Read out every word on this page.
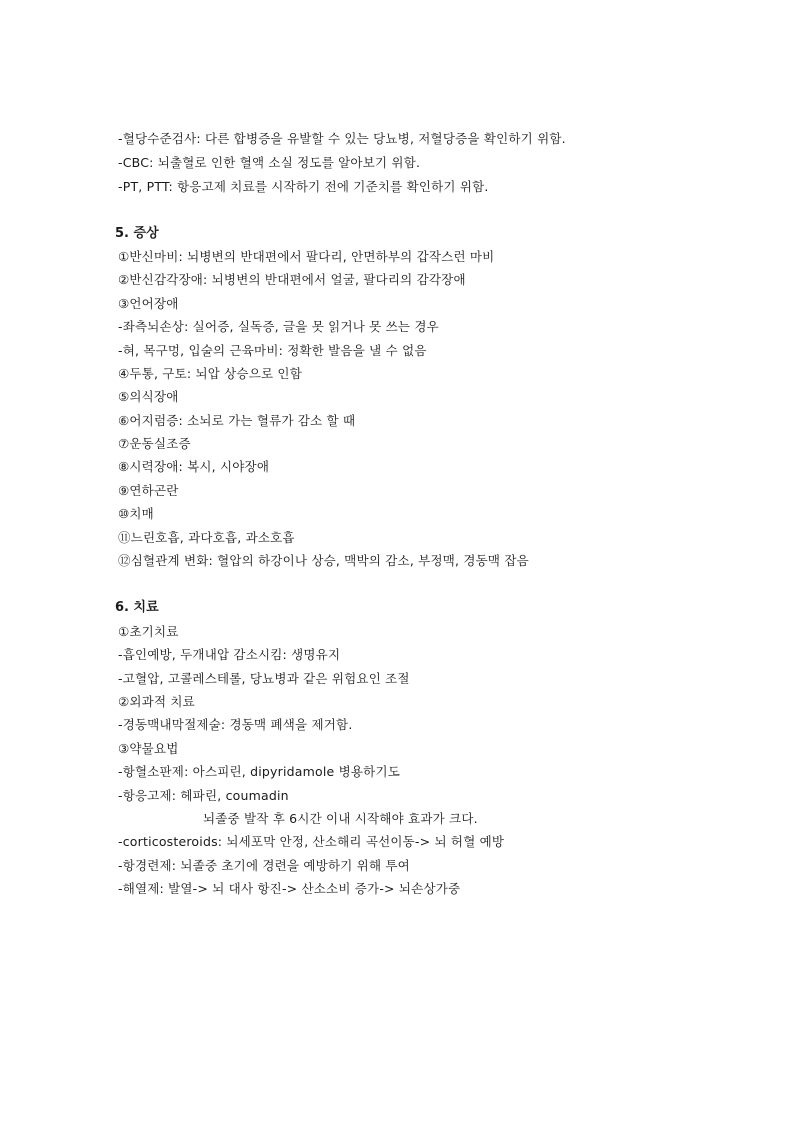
-혈당수준검사: 다른 합병증을 유발할 수 있는 당뇨병, 저혈당증을 확인하기 위함.
-CBC: 뇌출혈로 인한 혈액 소실 정도를 알아보기 위함.
-PT, PTT: 항응고제 치료를 시작하기 전에 기준치를 확인하기 위함.
5. 증상
①반신마비: 뇌병변의 반대편에서 팔다리, 안면하부의 갑작스런 마비
②반신감각장애: 뇌병변의 반대편에서 얼굴, 팔다리의 감각장애
③언어장애
-좌측뇌손상: 실어증, 실독증, 글을 못 읽거나 못 쓰는 경우
-혀, 목구멍, 입술의 근육마비: 정확한 발음을 낼 수 없음
④두통, 구토: 뇌압 상승으로 인함
⑤의식장애
⑥어지럼증: 소뇌로 가는 혈류가 감소 할 때
⑦운동실조증
⑧시력장애: 복시, 시야장애
⑨연하곤란
⑩치매
⑪느린호흡, 과다호흡, 과소호흡
⑫심혈관계 변화: 혈압의 하강이나 상승, 맥박의 감소, 부정맥, 경동맥 잡음
6. 치료
①초기치료
-흡인예방, 두개내압 감소시킴: 생명유지
-고혈압, 고콜레스테롤, 당뇨병과 같은 위험요인 조절
②외과적 치료
-경동맥내막절제술: 경동맥 폐색을 제거함.
③약물요법
-항혈소판제: 아스피린, dipyridamole 병용하기도
-항응고제: 헤파린, coumadin
뇌졸중 발작 후 6시간 이내 시작해야 효과가 크다.
-corticosteroids: 뇌세포막 안정, 산소해리 곡선이동-> 뇌 허혈 예방
-항경련제: 뇌졸중 초기에 경련을 예방하기 위해 투여
-해열제: 발열-> 뇌 대사 항진-> 산소소비 증가-> 뇌손상가중
